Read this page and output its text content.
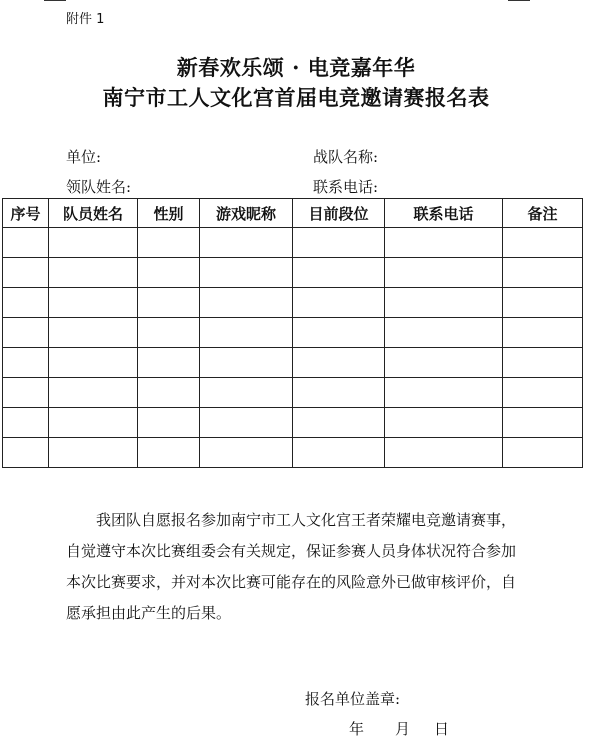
附件 1
新春欢乐颂 · 电竞嘉年华
南宁市工人文化宫首届电竞邀请赛报名表
单位:	战队名称:
领队姓名:	联系电话:
序号	队员姓名	性别	游戏昵称	目前段位	联系电话	备注

我团队自愿报名参加南宁市工人文化宫王者荣耀电竞邀请赛事，自觉遵守本次比赛组委会有关规定，保证参赛人员身体状况符合参加本次比赛要求，并对本次比赛可能存在的风险意外已做审核评价，自愿承担由此产生的后果。
报名单位盖章:
年 月 日
